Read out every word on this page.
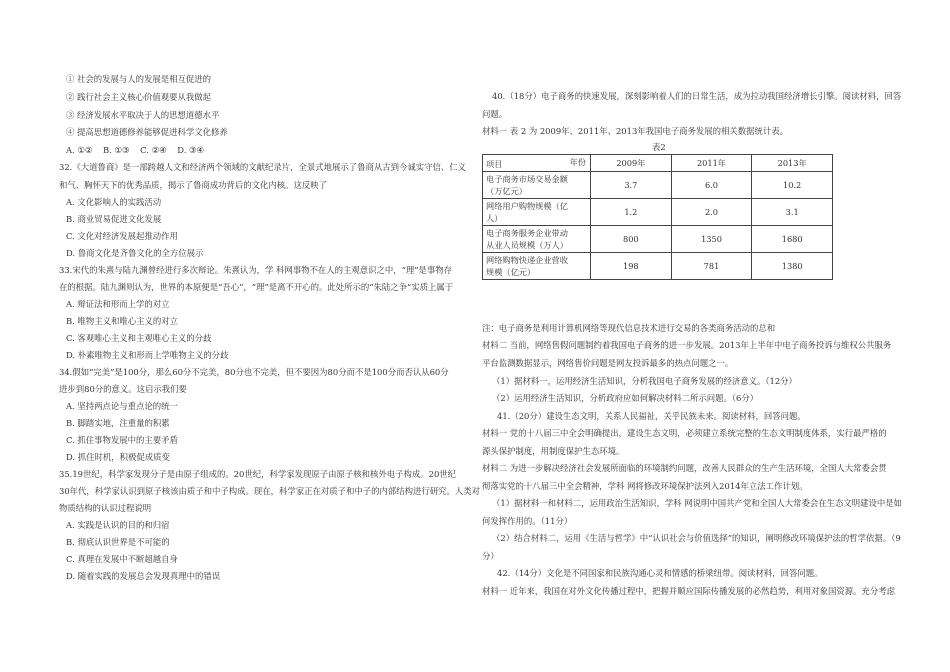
① 社会的发展与人的发展是相互促进的
② 践行社会主义核心价值观要从我做起
③ 经济发展水平取决于人的思想道德水平
④ 提高思想道德修养能够促进科学文化修养
A. ①②    B. ①③    C. ②④    D. ③④
32.《大道鲁商》是一部跨越人文和经济两个领域的文献纪录片，全景式地展示了鲁商从古到今诚实守信、仁义
和气、胸怀天下的优秀品质，揭示了鲁商成功背后的文化内核。这反映了
A. 文化影响人的实践活动
B. 商业贸易促进文化发展
C. 文化对经济发展起推动作用
D. 鲁商文化是齐鲁文化的全方位展示
33.宋代的朱熹与陆九渊曾经进行多次辩论。朱熹认为，学 科网事物不在人的主观意识之中，“理”是事物存
在的根据。陆九渊则认为，世界的本原便是“吾心”，“理”是离不开心的。此处所示的“朱陆之争”实质上属于
A. 辩证法和形而上学的对立
B. 唯物主义和唯心主义的对立
C. 客观唯心主义和主观唯心主义的分歧
D. 朴素唯物主义和形而上学唯物主义的分歧
34.假如“完美”是100分，那么60分不完美，80分也不完美，但不要因为80分而不是100分而否认从60分
进步到80分的意义。这启示我们要
A. 坚持两点论与重点论的统一
B. 脚踏实地，注重量的积累
C. 抓住事物发展中的主要矛盾
D. 抓住时机，积极促成质变
35.19世纪，科学家发现分子是由原子组成的。20世纪，科学家发现原子由原子核和核外电子构成。20世纪
30年代，科学家认识到原子核该由质子和中子构成。现在，科学家正在对质子和中子的内部结构进行研究。人类对
物质结构的认识过程说明
A. 实践是认识的目的和归宿
B. 彻底认识世界是不可能的
C. 真理在发展中不断超越自身
D. 随着实践的发展总会发现真理中的错误
40.（18分）电子商务的快速发展，深刻影响着人们的日常生活，成为拉动我国经济增长引擎。阅读材料，回答
问题。
材料一 表 2 为 2009年、2011年、2013年我国电子商务发展的相关数据统计表。
表2
项目 年份	2009年	2011年	2013年

电子商务市场交易金额
（万亿元）	3.7	6.0	10.2

网络用户购物规模（亿
人）	1.2	2.0	3.1

电子商务服务企业带动
从业人员规模（万人）	800	1350	1680

网络购物快递企业营收
规模（亿元）	198	781	1380
注：电子商务是利用计算机网络等现代信息技术进行交易的各类商务活动的总和
材料二 当前，网络售假问题制约着我国电子商务的进一步发展。2013年上半年中电子商务投诉与维权公共服务
平台监测数据显示，网络售价问题是网友投诉最多的热点问题之一。
（1）据材料一，运用经济生活知识，分析我国电子商务发展的经济意义。（12分）
（2）运用经济生活知识，分析政府应如何解决材料二所示问题。（6分）
41.（20分）建设生态文明，关系人民福祉，关乎民族未来。阅读材料，回答问题。
材料一 党的十八届三中全会明确提出，建设生态文明，必须建立系统完整的生态文明制度体系，实行最严格的
源头保护制度，用制度保护生态环境。
材料二 为进一步解决经济社会发展所面临的环境制约问题，改善人民群众的生产生活环境，全国人大常委会贯
彻落实党的十八届三中全会精神，学科 网将修改环境保护法列入2014年立法工作计划。
（1）据材料一和材料二，运用政治生活知识，学科 网说明中国共产党和全国人大常委会在生态文明建设中是如
何发挥作用的。（11分）
（2）结合材料二，运用《生活与哲学》中“认识社会与价值选择”的知识，阐明修改环境保护法的哲学依据。（9
分）
42.（14分）文化是不同国家和民族沟通心灵和情感的桥梁纽带。阅读材料，回答问题。
材料一 近年来，我国在对外文化传播过程中，把握并顺应国际传播发展的必然趋势，利用对象国资源。充分考虑
